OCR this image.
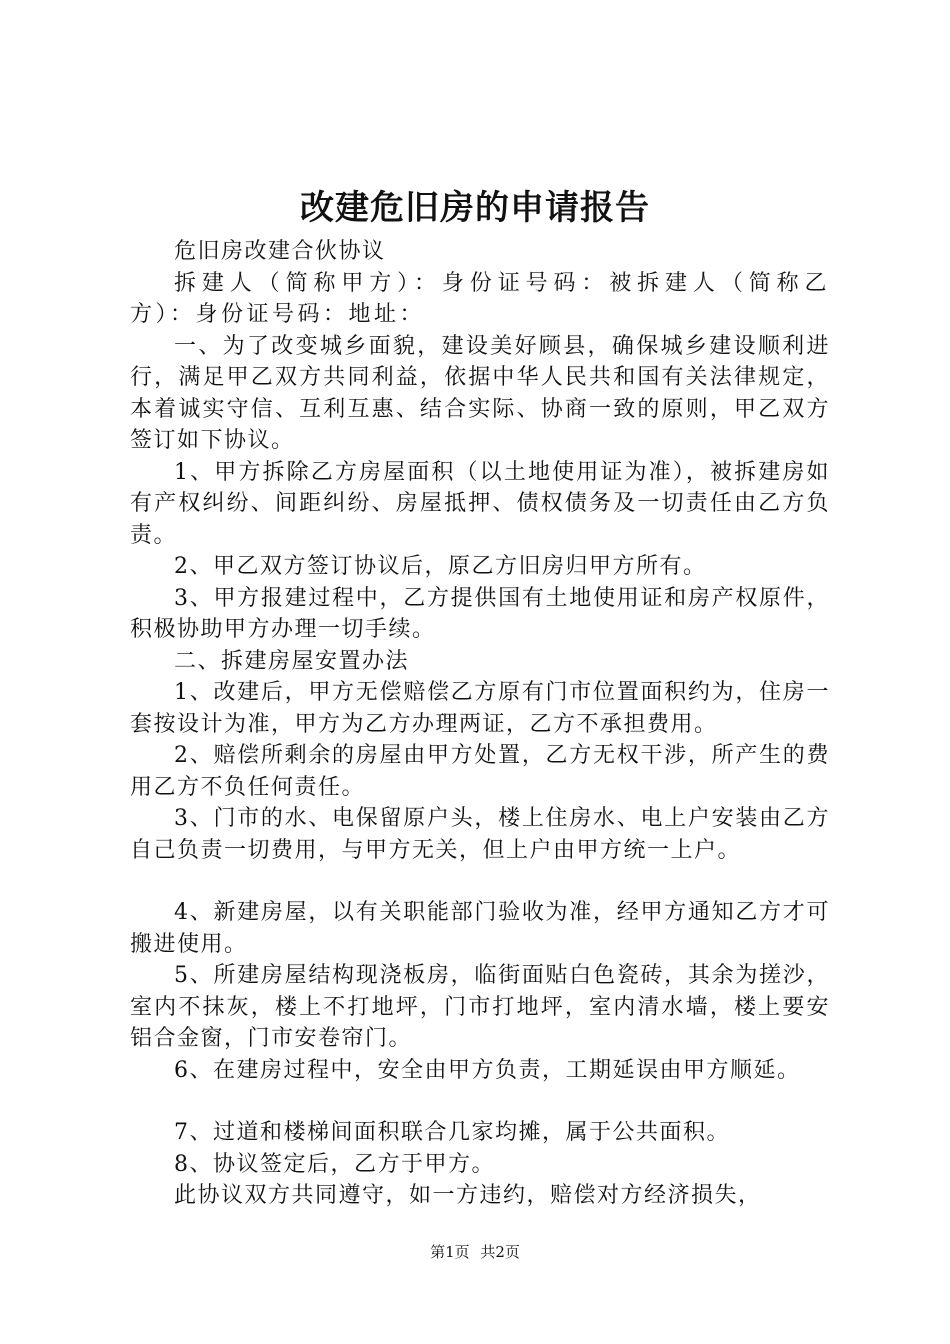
改建危旧房的申请报告

危旧房改建合伙协议

拆建人（简称甲方）：身份证号码：被拆建人（简称乙方）：身份证号码：地址：

一、为了改变城乡面貌，建设美好顾县，确保城乡建设顺利进行，满足甲乙双方共同利益，依据中华人民共和国有关法律规定，本着诚实守信、互利互惠、结合实际、协商一致的原则，甲乙双方签订如下协议。

1、甲方拆除乙方房屋面积（以土地使用证为准），被拆建房如有产权纠纷、间距纠纷、房屋抵押、债权债务及一切责任由乙方负责。

2、甲乙双方签订协议后，原乙方旧房归甲方所有。

3、甲方报建过程中，乙方提供国有土地使用证和房产权原件，积极协助甲方办理一切手续。

二、拆建房屋安置办法

1、改建后，甲方无偿赔偿乙方原有门市位置面积约为，住房一套按设计为准，甲方为乙方办理两证，乙方不承担费用。

2、赔偿所剩余的房屋由甲方处置，乙方无权干涉，所产生的费用乙方不负任何责任。

3、门市的水、电保留原户头，楼上住房水、电上户安装由乙方自己负责一切费用，与甲方无关，但上户由甲方统一上户。

4、新建房屋，以有关职能部门验收为准，经甲方通知乙方才可搬进使用。

5、所建房屋结构现浇板房，临街面贴白色瓷砖，其余为搓沙，室内不抹灰，楼上不打地坪，门市打地坪，室内清水墙，楼上要安铝合金窗，门市安卷帘门。

6、在建房过程中，安全由甲方负责，工期延误由甲方顺延。

7、过道和楼梯间面积联合几家均摊，属于公共面积。

8、协议签定后，乙方于甲方。

此协议双方共同遵守，如一方违约，赔偿对方经济损失，

第1页 共2页
